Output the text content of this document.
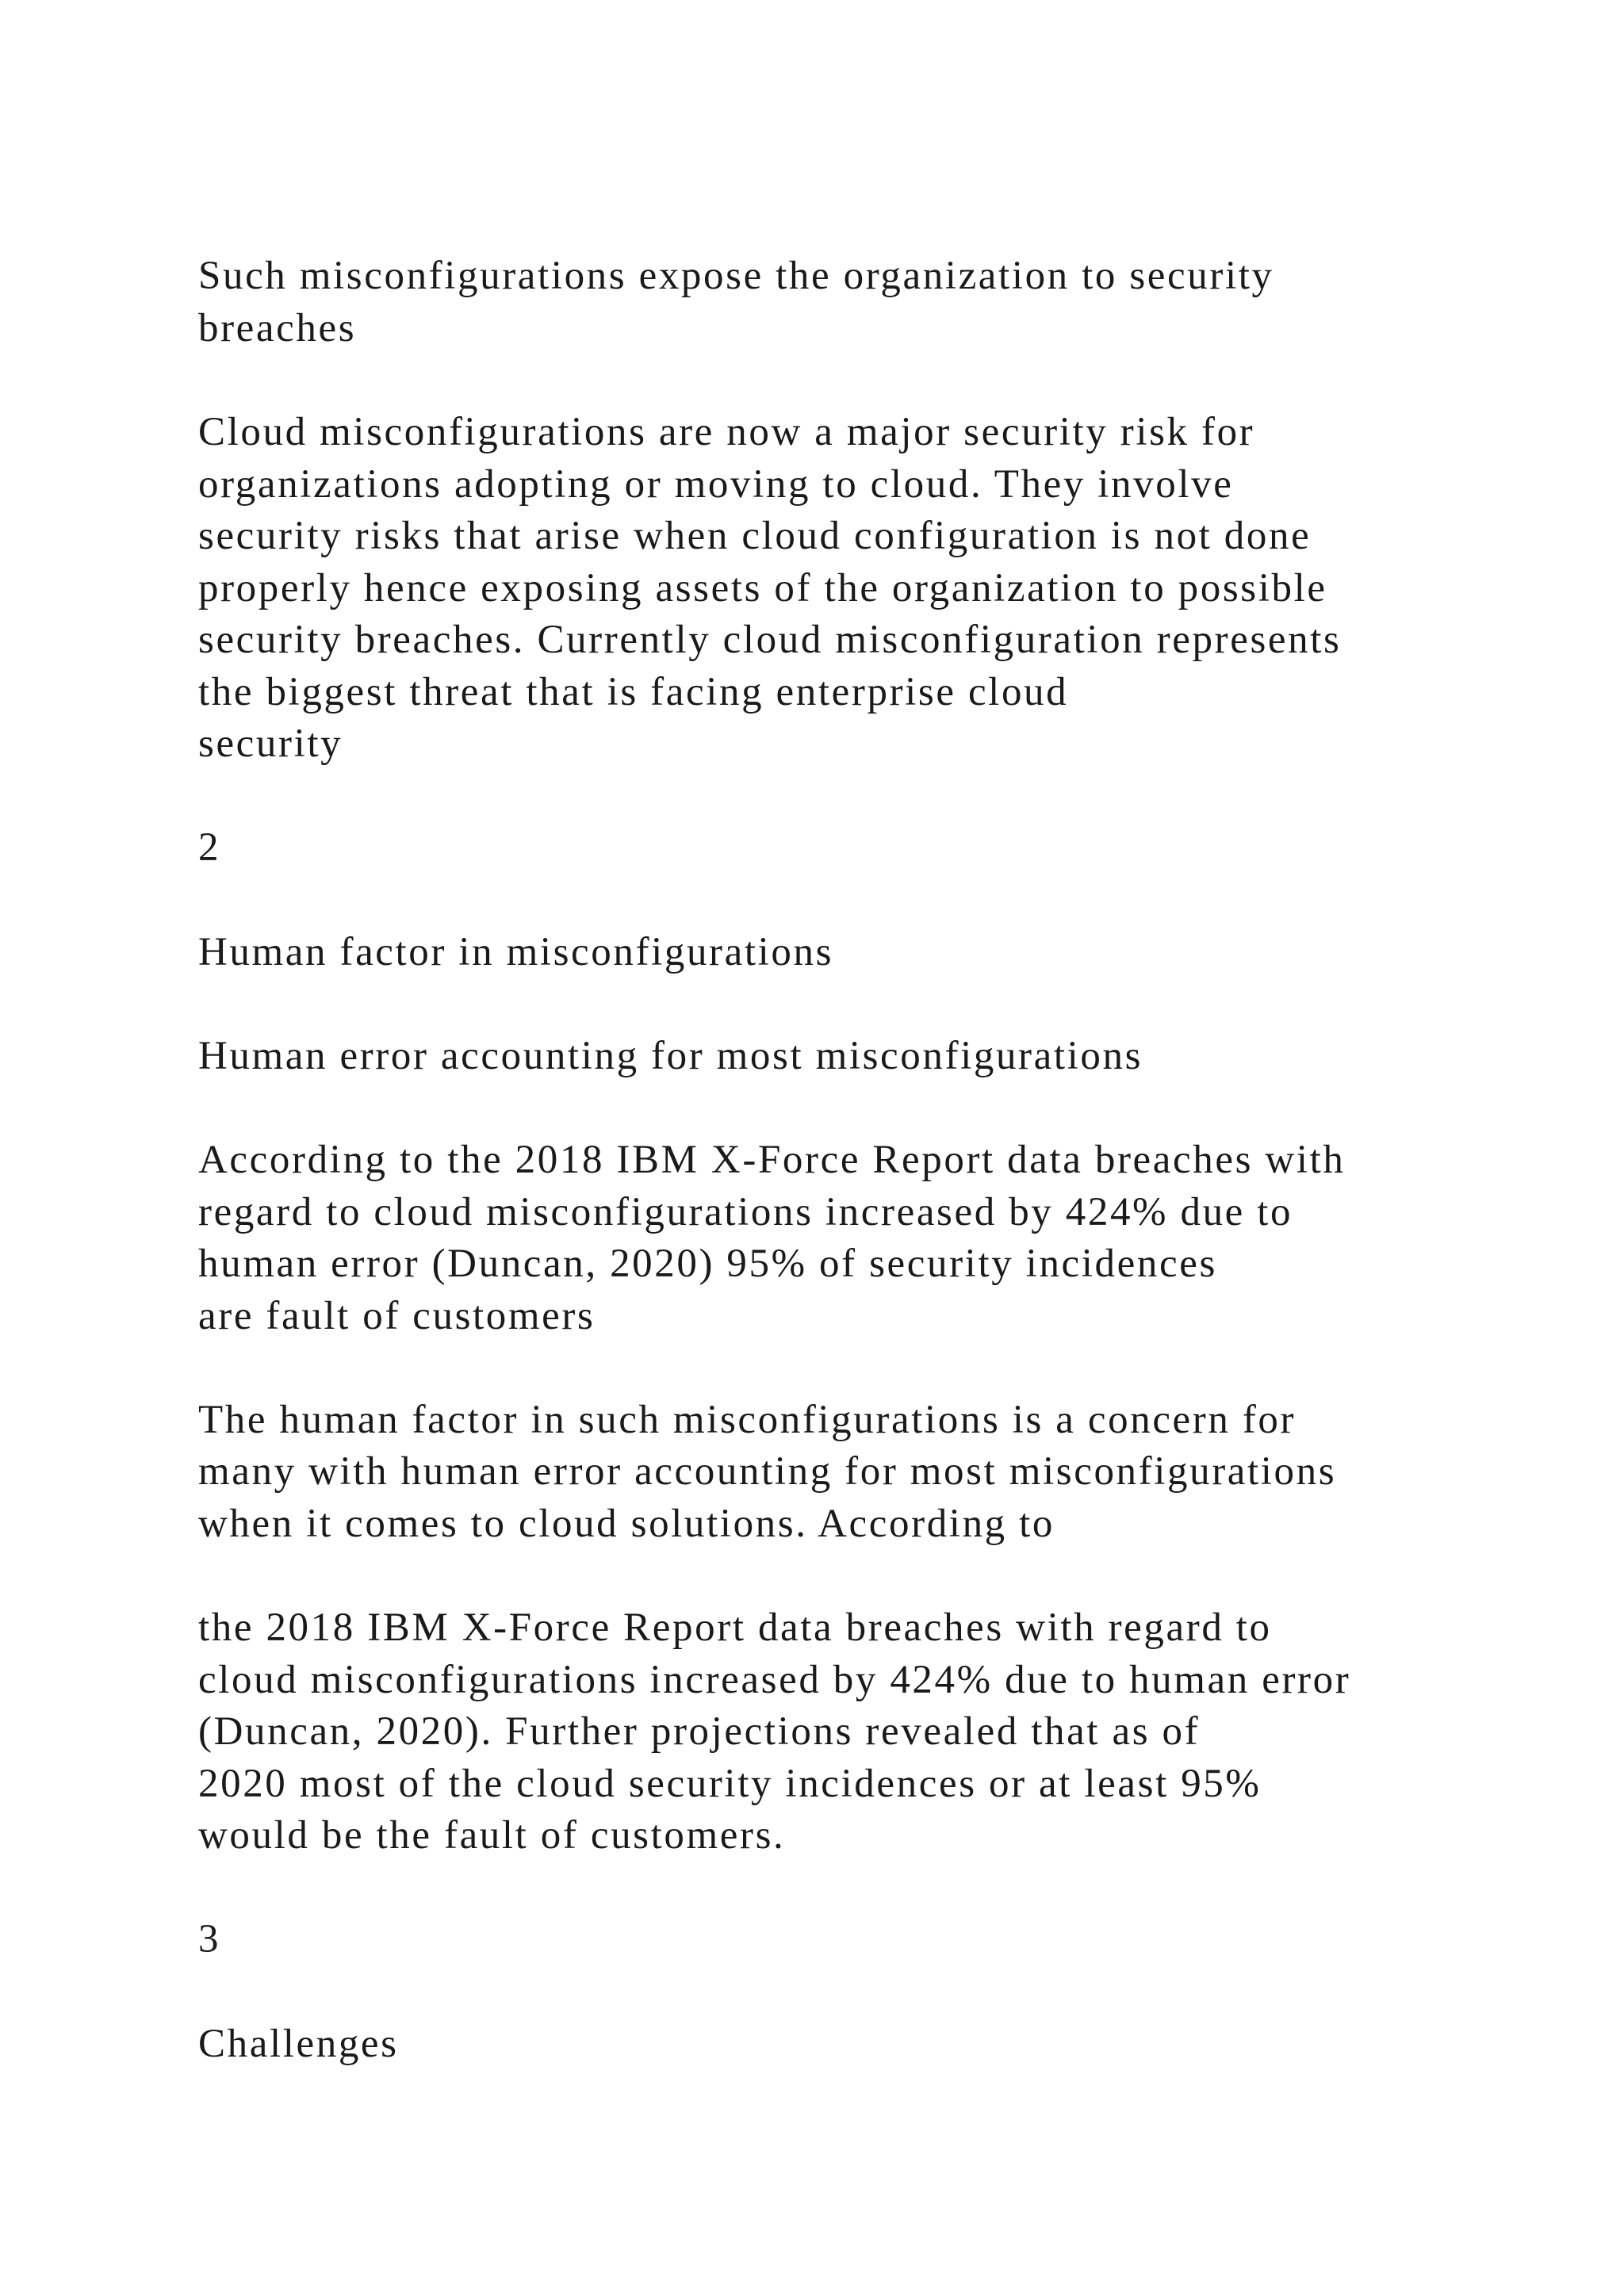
Such misconfigurations expose the organization to security

breaches

Cloud misconfigurations are now a major security risk for

organizations adopting or moving to cloud. They involve

security risks that arise when cloud configuration is not done

properly hence exposing assets of the organization to possible

security breaches. Currently cloud misconfiguration represents

the biggest threat that is facing enterprise cloud

security

2

Human factor in misconfigurations

Human error accounting for most misconfigurations

According to the 2018 IBM X-Force Report data breaches with

regard to cloud misconfigurations increased by 424% due to

human error (Duncan, 2020) 95% of security incidences

are fault of customers

The human factor in such misconfigurations is a concern for

many with human error accounting for most misconfigurations

when it comes to cloud solutions. According to

the 2018 IBM X-Force Report data breaches with regard to

cloud misconfigurations increased by 424% due to human error

(Duncan, 2020). Further projections revealed that as of

2020 most of the cloud security incidences or at least 95%

would be the fault of customers.

3

Challenges
